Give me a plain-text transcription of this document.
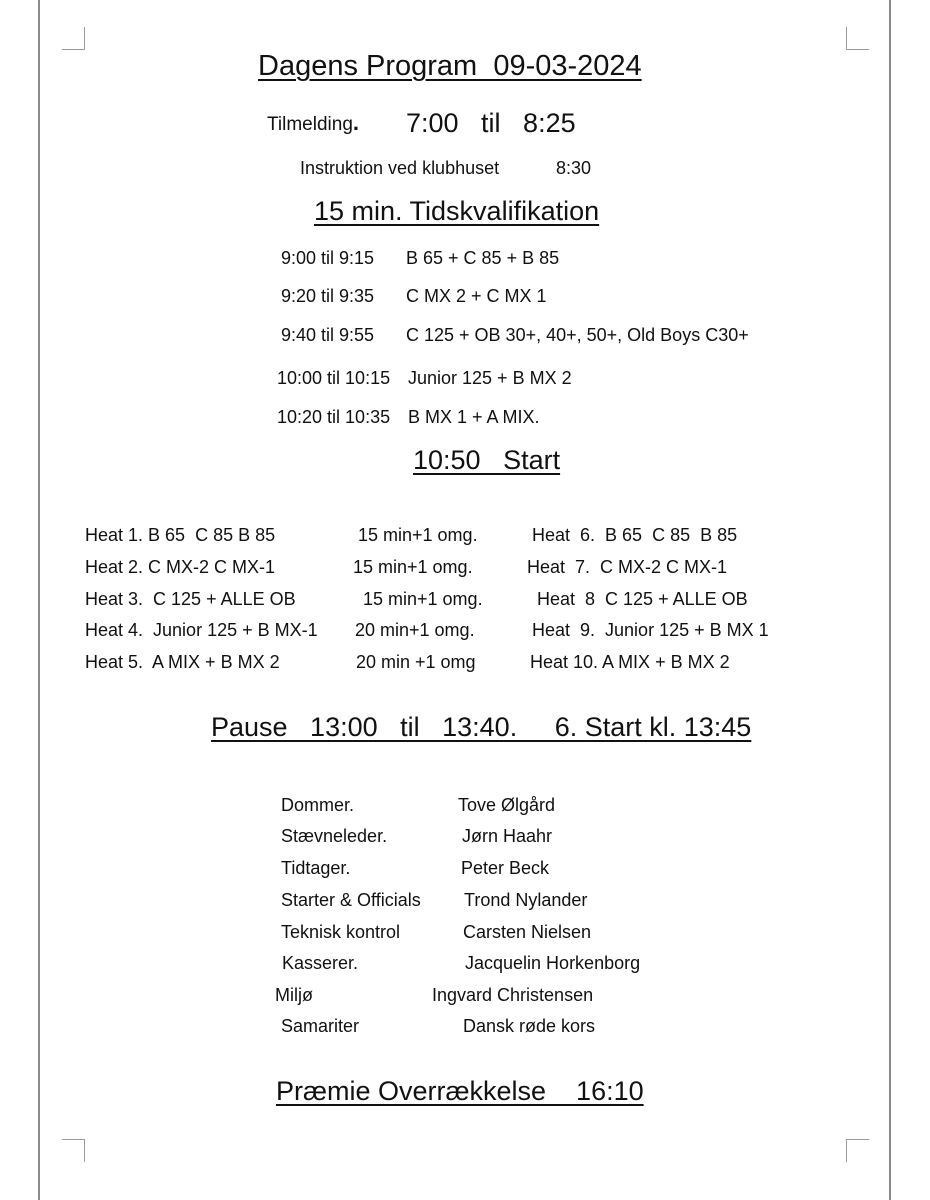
Dagens Program  09-03-2024
Tilmelding. 7:00   til   8:25
Instruktion ved klubhuset	8:30
15 min. Tidskvalifikation
9:00 til 9:15 B 65 + C 85 + B 85
9:20 til 9:35 C MX 2 + C MX 1
9:40 til 9:55 C 125 + OB 30+, 40+, 50+, Old Boys C30+
10:00 til 10:15 Junior 125 + B MX 2
10:20 til 10:35 B MX 1 + A MIX.
10:50   Start
Heat 1. B 65  C 85 B 85	15 min+1 omg.	Heat  6.  B 65  C 85  B 85
Heat 2. C MX-2 C MX-1	15 min+1 omg.	Heat  7.  C MX-2 C MX-1
Heat 3.  C 125 + ALLE OB	15 min+1 omg.	Heat  8  C 125 + ALLE OB
Heat 4.  Junior 125 + B MX-1 20 min+1 omg.	Heat  9.  Junior 125 + B MX 1
Heat 5.  A MIX + B MX 2	20 min +1 omg	Heat 10. A MIX + B MX 2
Pause   13:00   til   13:40.     6. Start kl. 13:45
Dommer.	Tove Ølgård
Stævneleder.	Jørn Haahr
Tidtager.	Peter Beck
Starter & Officials Trond Nylander
Teknisk kontrol	Carsten Nielsen
Kasserer.	Jacquelin Horkenborg
Miljø	Ingvard Christensen
Samariter	Dansk røde kors
Præmie Overrækkelse    16:10
